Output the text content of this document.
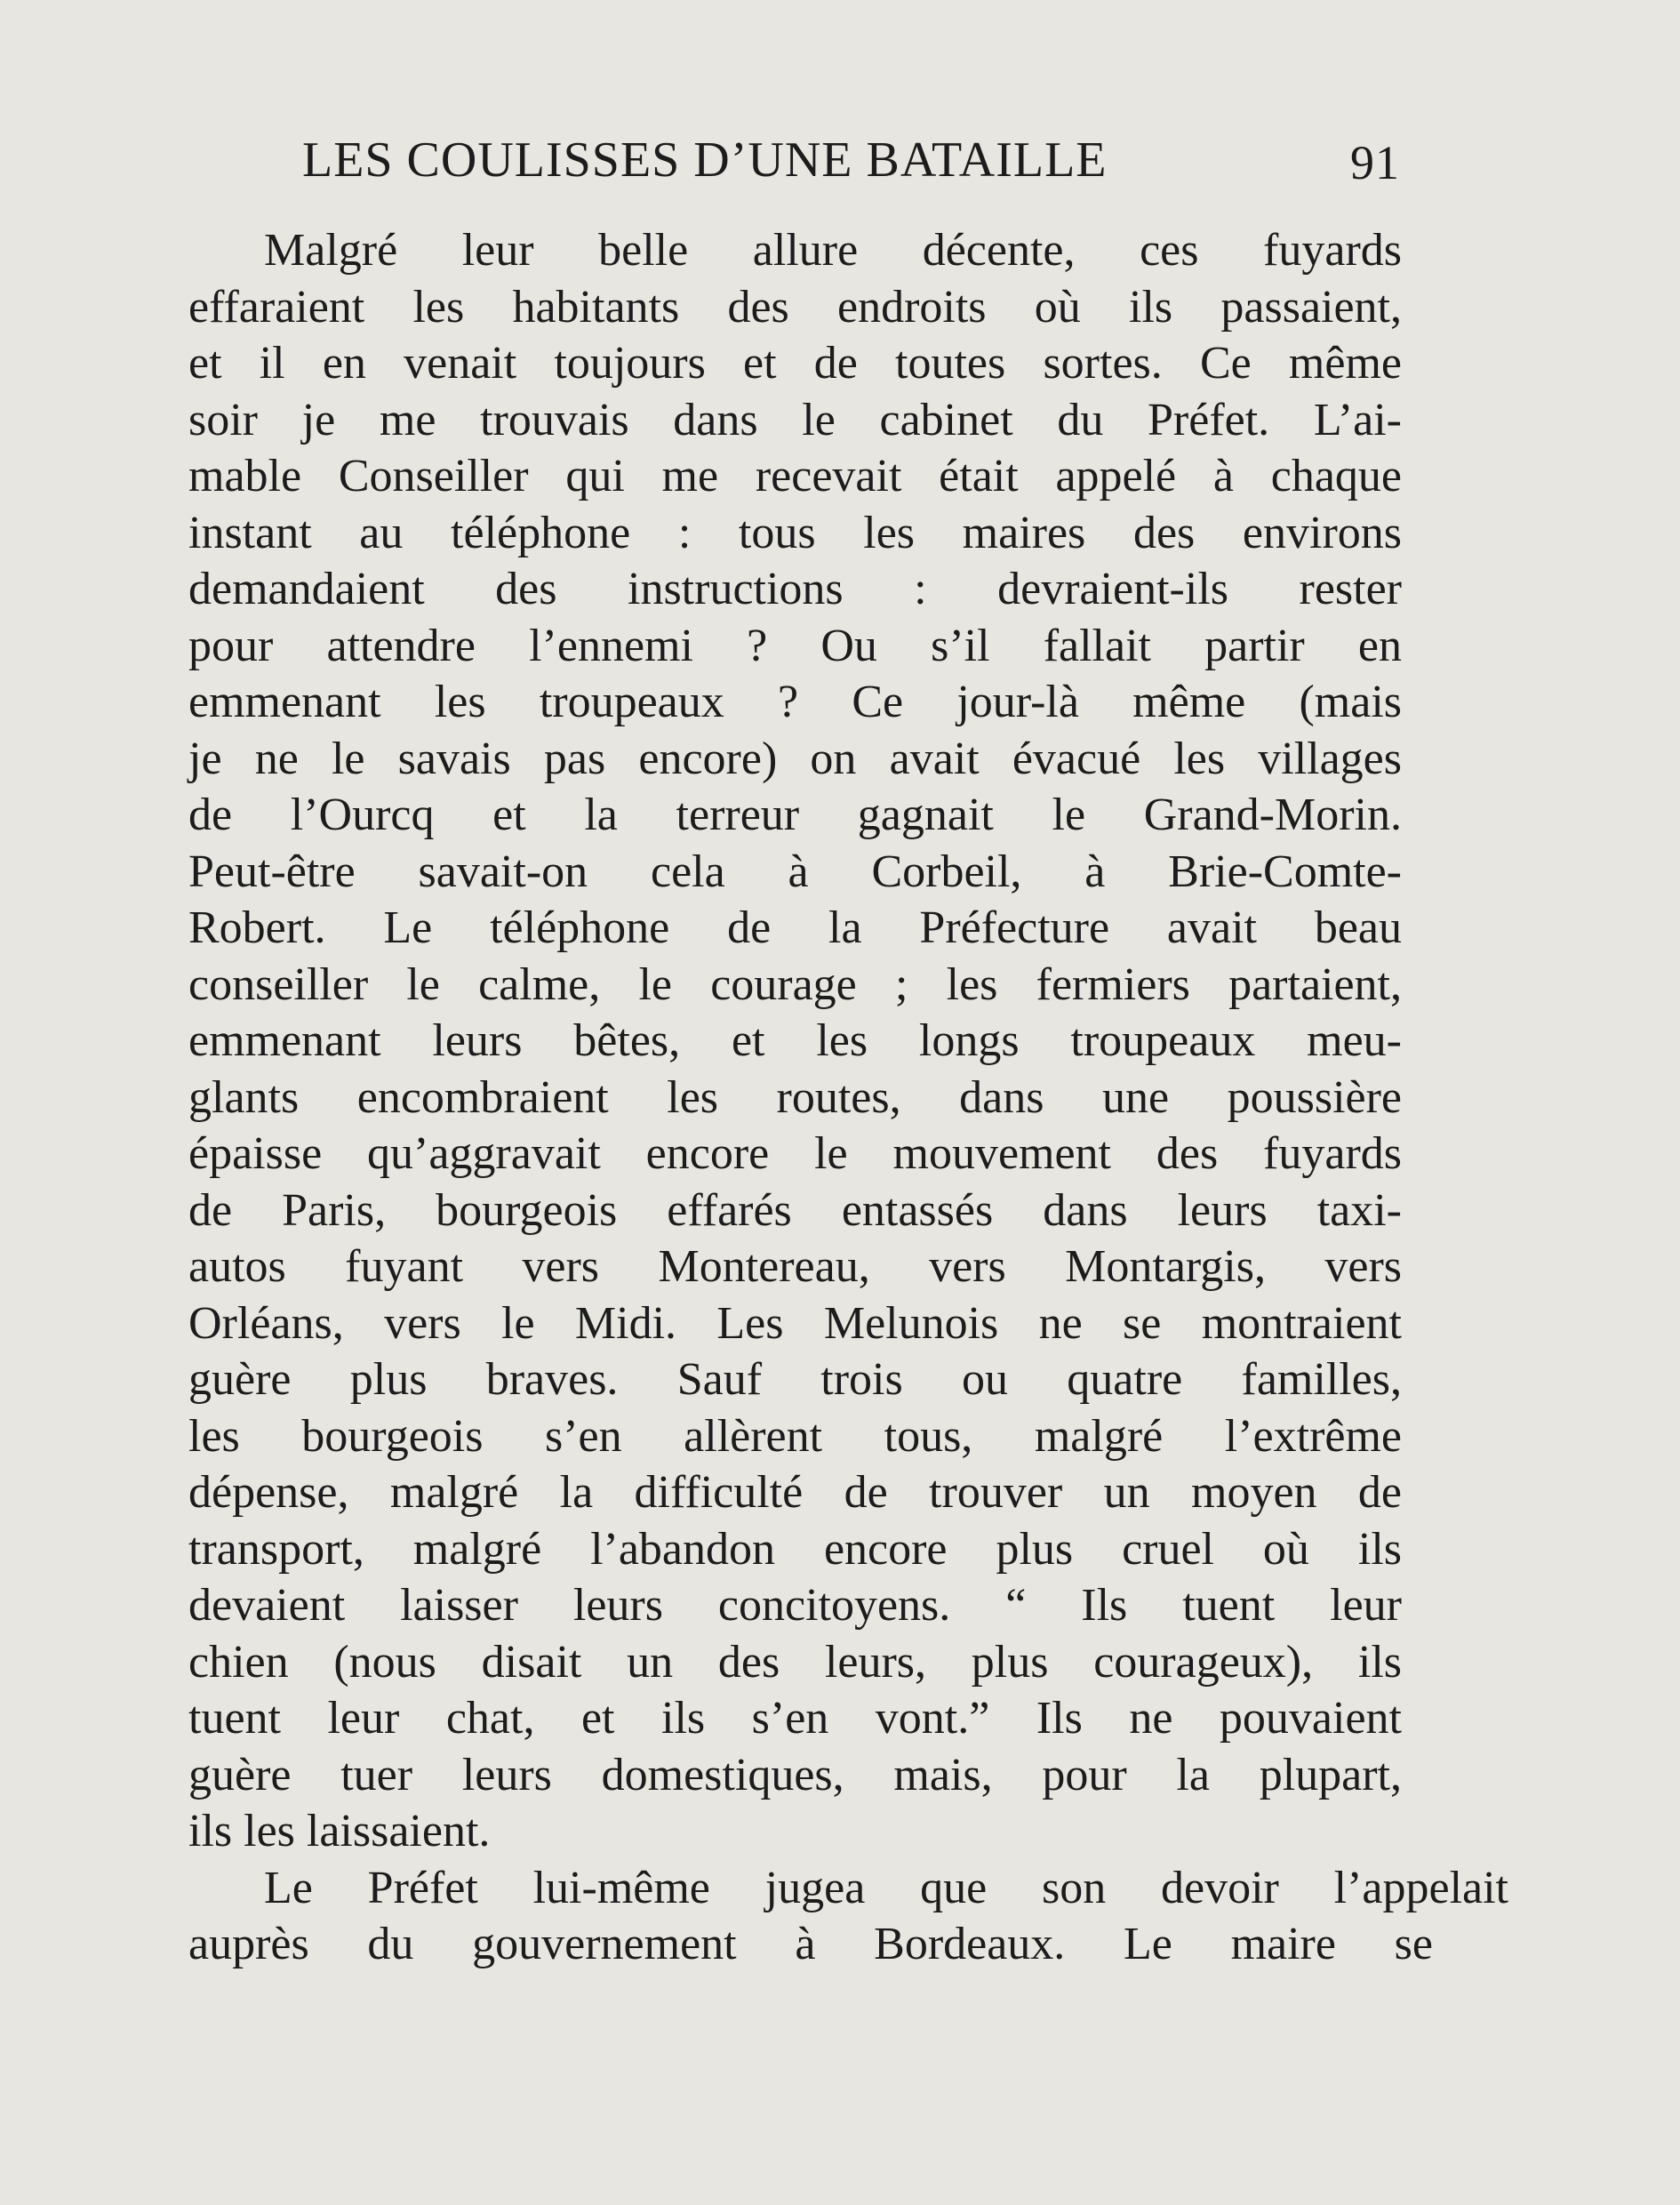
LES COULISSES D’UNE BATAILLE	91
Malgré leur belle allure décente, ces fuyards
effaraient les habitants des endroits où ils passaient,
et il en venait toujours et de toutes sortes. Ce même
soir je me trouvais dans le cabinet du Préfet. L’ai-
mable Conseiller qui me recevait était appelé à chaque
instant au téléphone : tous les maires des environs
demandaient des instructions : devraient-ils rester
pour attendre l’ennemi ? Ou s’il fallait partir en
emmenant les troupeaux ? Ce jour-là même (mais
je ne le savais pas encore) on avait évacué les villages
de l’Ourcq et la terreur gagnait le Grand-Morin.
Peut-être savait-on cela à Corbeil, à Brie-Comte-
Robert. Le téléphone de la Préfecture avait beau
conseiller le calme, le courage ; les fermiers partaient,
emmenant leurs bêtes, et les longs troupeaux meu-
glants encombraient les routes, dans une poussière
épaisse qu’aggravait encore le mouvement des fuyards
de Paris, bourgeois effarés entassés dans leurs taxi-
autos fuyant vers Montereau, vers Montargis, vers
Orléans, vers le Midi. Les Melunois ne se montraient
guère plus braves. Sauf trois ou quatre familles,
les bourgeois s’en allèrent tous, malgré l’extrême
dépense, malgré la difficulté de trouver un moyen de
transport, malgré l’abandon encore plus cruel où ils
devaient laisser leurs concitoyens. “ Ils tuent leur
chien (nous disait un des leurs, plus courageux), ils
tuent leur chat, et ils s’en vont.” Ils ne pouvaient
guère tuer leurs domestiques, mais, pour la plupart,
ils les laissaient.
Le Préfet lui-même jugea que son devoir l’appelait
auprès du gouvernement à Bordeaux. Le maire se
